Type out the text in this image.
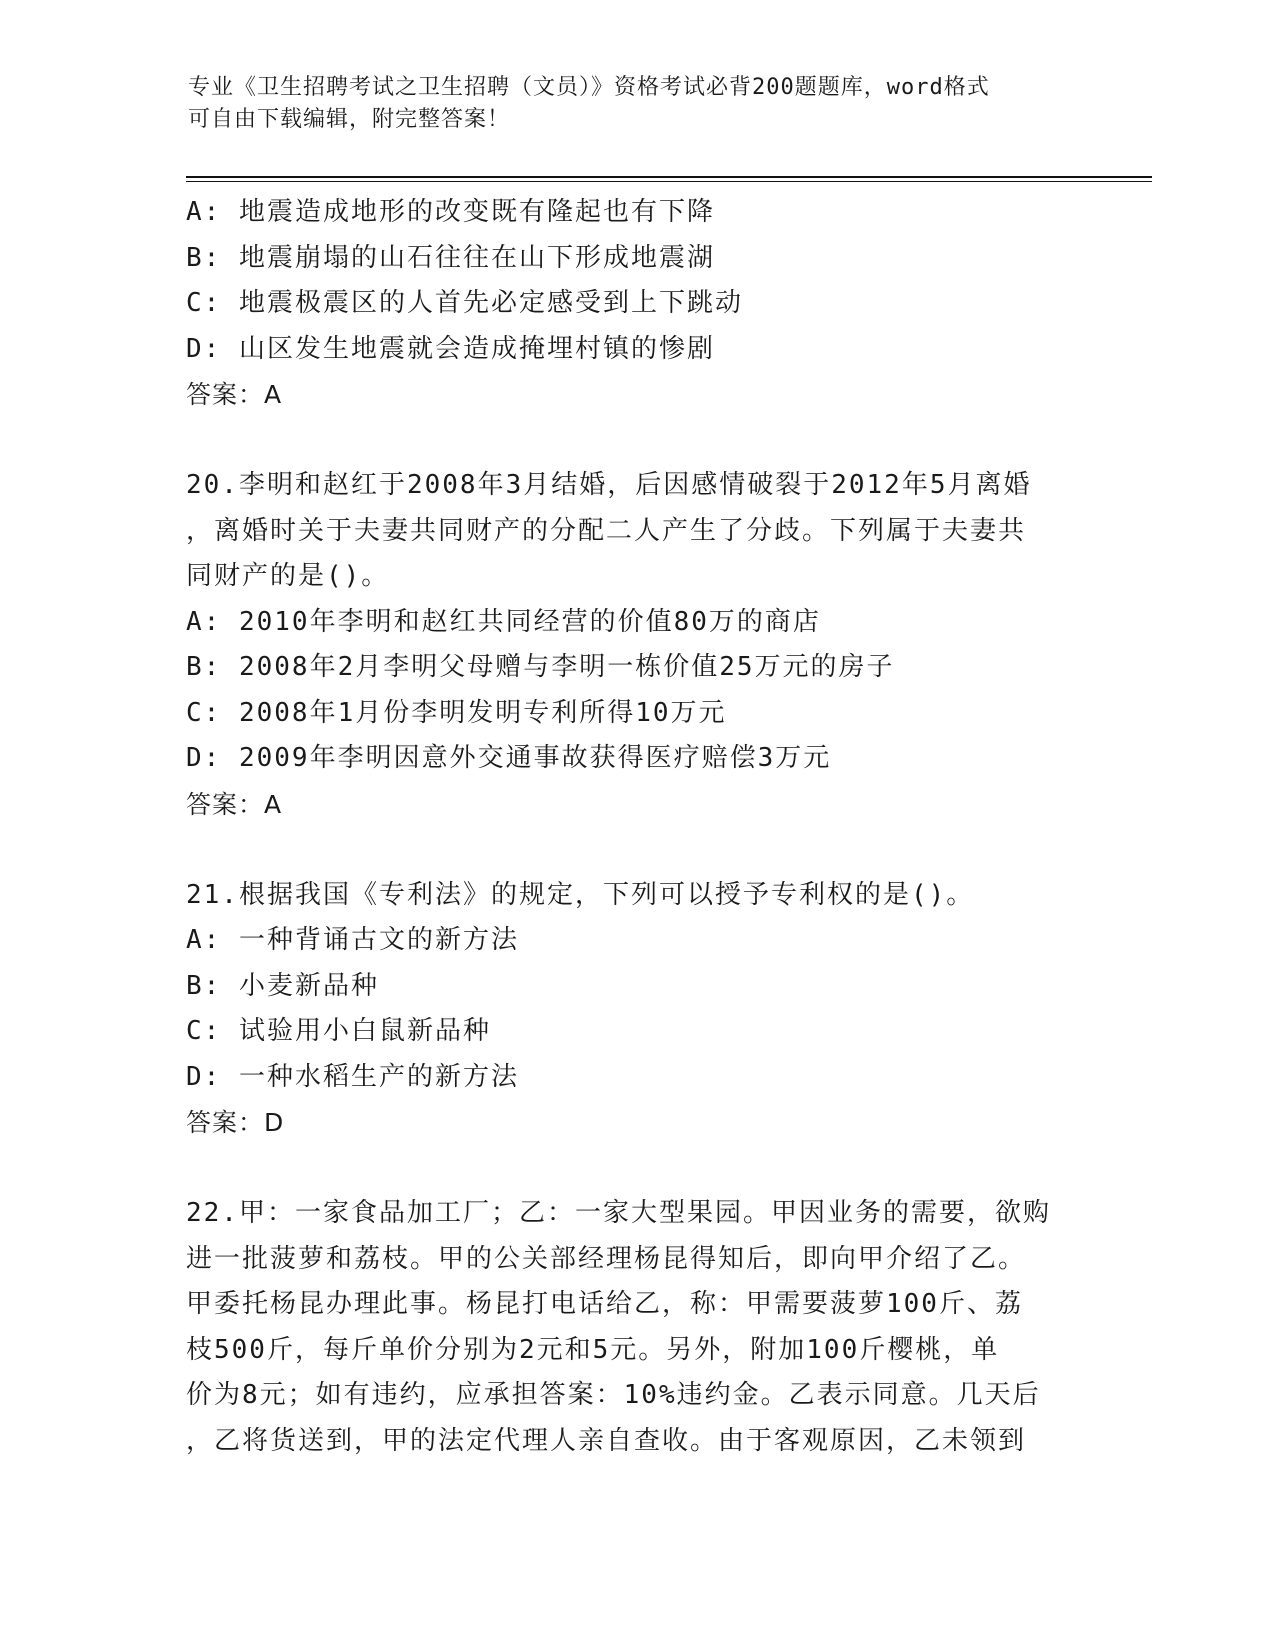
专业《卫生招聘考试之卫生招聘（文员）》资格考试必背200题题库，word格式
可自由下载编辑，附完整答案！
A: 地震造成地形的改变既有隆起也有下降
B: 地震崩塌的山石往往在山下形成地震湖
C: 地震极震区的人首先必定感受到上下跳动
D: 山区发生地震就会造成掩埋村镇的惨剧
答案：A
20.李明和赵红于2008年3月结婚，后因感情破裂于2012年5月离婚
，离婚时关于夫妻共同财产的分配二人产生了分歧。下列属于夫妻共
同财产的是()。
A: 2010年李明和赵红共同经营的价值80万的商店
B: 2008年2月李明父母赠与李明一栋价值25万元的房子
C: 2008年1月份李明发明专利所得10万元
D: 2009年李明因意外交通事故获得医疗赔偿3万元
答案：A
21.根据我国《专利法》的规定，下列可以授予专利权的是()。
A: 一种背诵古文的新方法
B: 小麦新品种
C: 试验用小白鼠新品种
D: 一种水稻生产的新方法
答案：D
22.甲：一家食品加工厂；乙：一家大型果园。甲因业务的需要，欲购
进一批菠萝和荔枝。甲的公关部经理杨昆得知后，即向甲介绍了乙。
甲委托杨昆办理此事。杨昆打电话给乙，称：甲需要菠萝100斤、荔
枝500斤，每斤单价分别为2元和5元。另外，附加100斤樱桃，单
价为8元；如有违约，应承担答案：10%违约金。乙表示同意。几天后
，乙将货送到，甲的法定代理人亲自查收。由于客观原因，乙未领到
